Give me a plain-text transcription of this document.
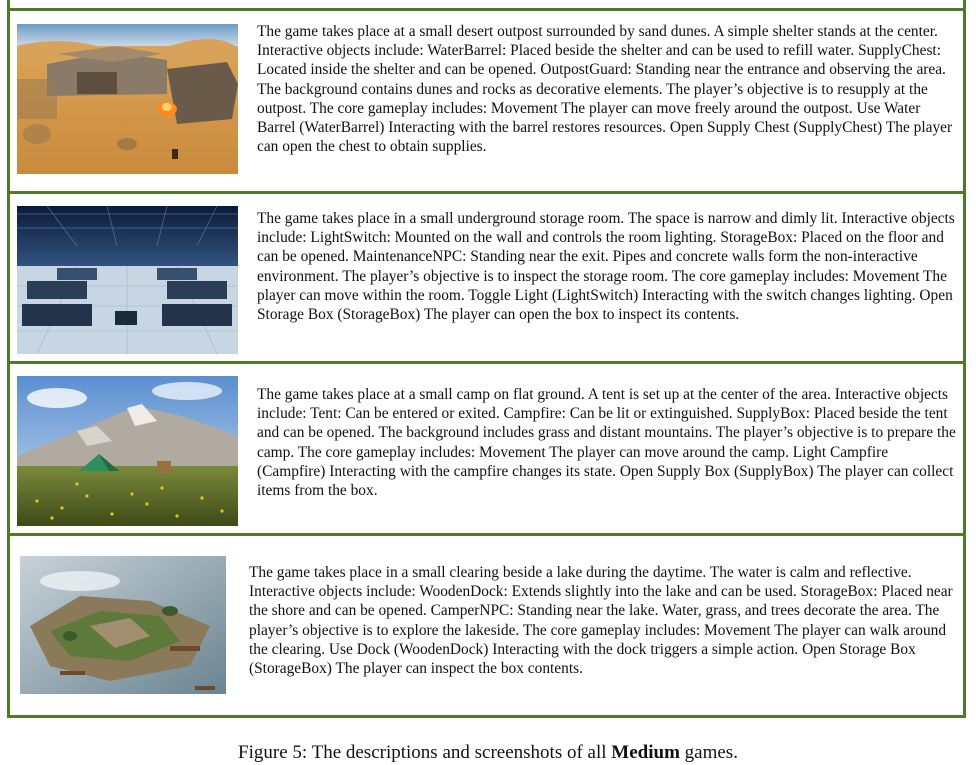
The game takes place at a small desert outpost surrounded by sand dunes. A simple shelter stands at the center. Interactive objects include: WaterBarrel: Placed beside the shelter and can be used to refill water. SupplyChest: Located inside the shelter and can be opened. OutpostGuard: Standing near the entrance and observing the area. The background contains dunes and rocks as decorative elements. The player’s objective is to resupply at the outpost. The core gameplay includes: Movement The player can move freely around the outpost. Use Water Barrel (WaterBarrel) Interacting with the barrel restores resources. Open Supply Chest (SupplyChest) The player can open the chest to obtain supplies.

The game takes place in a small underground storage room. The space is narrow and dimly lit. Interactive objects include: LightSwitch: Mounted on the wall and controls the room lighting. StorageBox: Placed on the floor and can be opened. MaintenanceNPC: Standing near the exit. Pipes and concrete walls form the non-interactive environment. The player’s objective is to inspect the storage room. The core gameplay includes: Movement The player can move within the room. Toggle Light (LightSwitch) Interacting with the switch changes lighting. Open Storage Box (StorageBox) The player can open the box to inspect its contents.

The game takes place at a small camp on flat ground. A tent is set up at the center of the area. Interactive objects include: Tent: Can be entered or exited. Campfire: Can be lit or extinguished. SupplyBox: Placed beside the tent and can be opened. The background includes grass and distant mountains. The player’s objective is to prepare the camp. The core gameplay includes: Movement The player can move around the camp. Light Campfire (Campfire) Interacting with the campfire changes its state. Open Supply Box (SupplyBox) The player can collect items from the box.

The game takes place in a small clearing beside a lake during the daytime. The water is calm and reflective. Interactive objects include: WoodenDock: Extends slightly into the lake and can be used. StorageBox: Placed near the shore and can be opened. CamperNPC: Standing near the lake. Water, grass, and trees decorate the area. The player’s objective is to explore the lakeside. The core gameplay includes: Movement The player can walk around the clearing. Use Dock (WoodenDock) Interacting with the dock triggers a simple action. Open Storage Box (StorageBox) The player can inspect the box contents.

Figure 5: The descriptions and screenshots of all Medium games.
